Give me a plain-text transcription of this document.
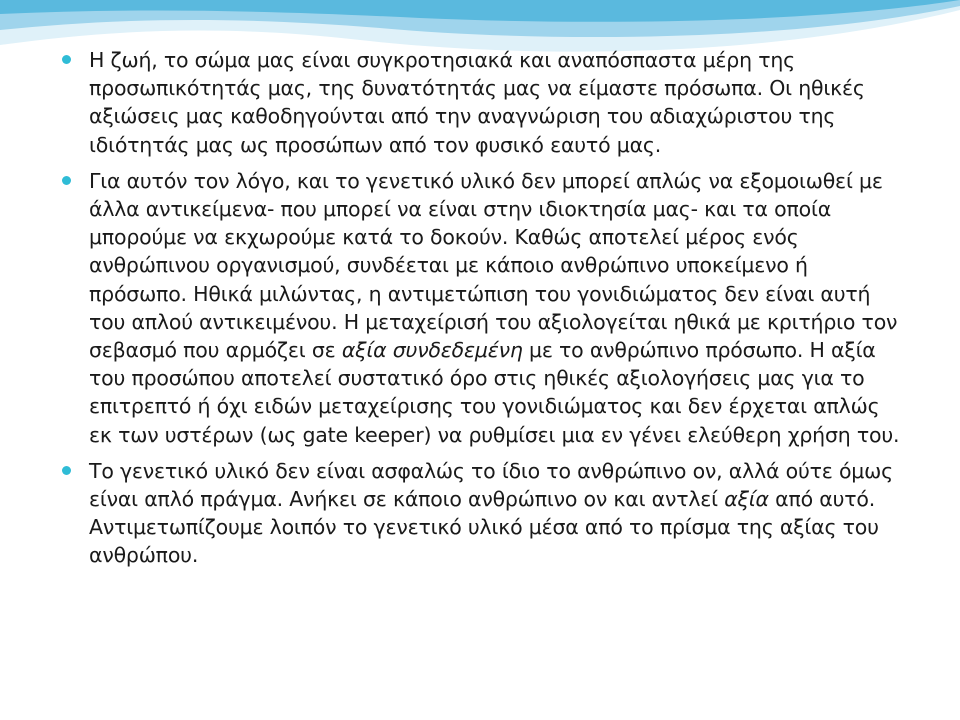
Η ζωή, το σώμα μας είναι συγκροτησιακά και αναπόσπαστα μέρη της προσωπικότητάς μας, της δυνατότητάς μας να είμαστε πρόσωπα. Οι ηθικές αξιώσεις μας καθοδηγούνται από την αναγνώριση του αδιαχώριστου της ιδιότητάς μας ως προσώπων από τον φυσικό εαυτό μας.
Για αυτόν τον λόγο, και το γενετικό υλικό δεν μπορεί απλώς να εξομοιωθεί με άλλα αντικείμενα- που μπορεί να είναι στην ιδιοκτησία μας- και τα οποία μπορούμε να εκχωρούμε κατά το δοκούν. Καθώς αποτελεί μέρος ενός ανθρώπινου οργανισμού, συνδέεται με κάποιο ανθρώπινο υποκείμενο ή πρόσωπο. Ηθικά μιλώντας, η αντιμετώπιση του γονιδιώματος δεν είναι αυτή του απλού αντικειμένου. Η μεταχείρισή του αξιολογείται ηθικά με κριτήριο τον σεβασμό που αρμόζει σε αξία συνδεδεμένη με το ανθρώπινο πρόσωπο. Η αξία του προσώπου αποτελεί συστατικό όρο στις ηθικές αξιολογήσεις μας για το επιτρεπτό ή όχι ειδών μεταχείρισης του γονιδιώματος και δεν έρχεται απλώς εκ των υστέρων (ως gate keeper) να ρυθμίσει μια εν γένει ελεύθερη χρήση του.
Το γενετικό υλικό δεν είναι ασφαλώς το ίδιο το ανθρώπινο ον, αλλά ούτε όμως είναι απλό πράγμα. Ανήκει σε κάποιο ανθρώπινο ον και αντλεί αξία από αυτό. Αντιμετωπίζουμε λοιπόν το γενετικό υλικό μέσα από το πρίσμα της αξίας του ανθρώπου.
